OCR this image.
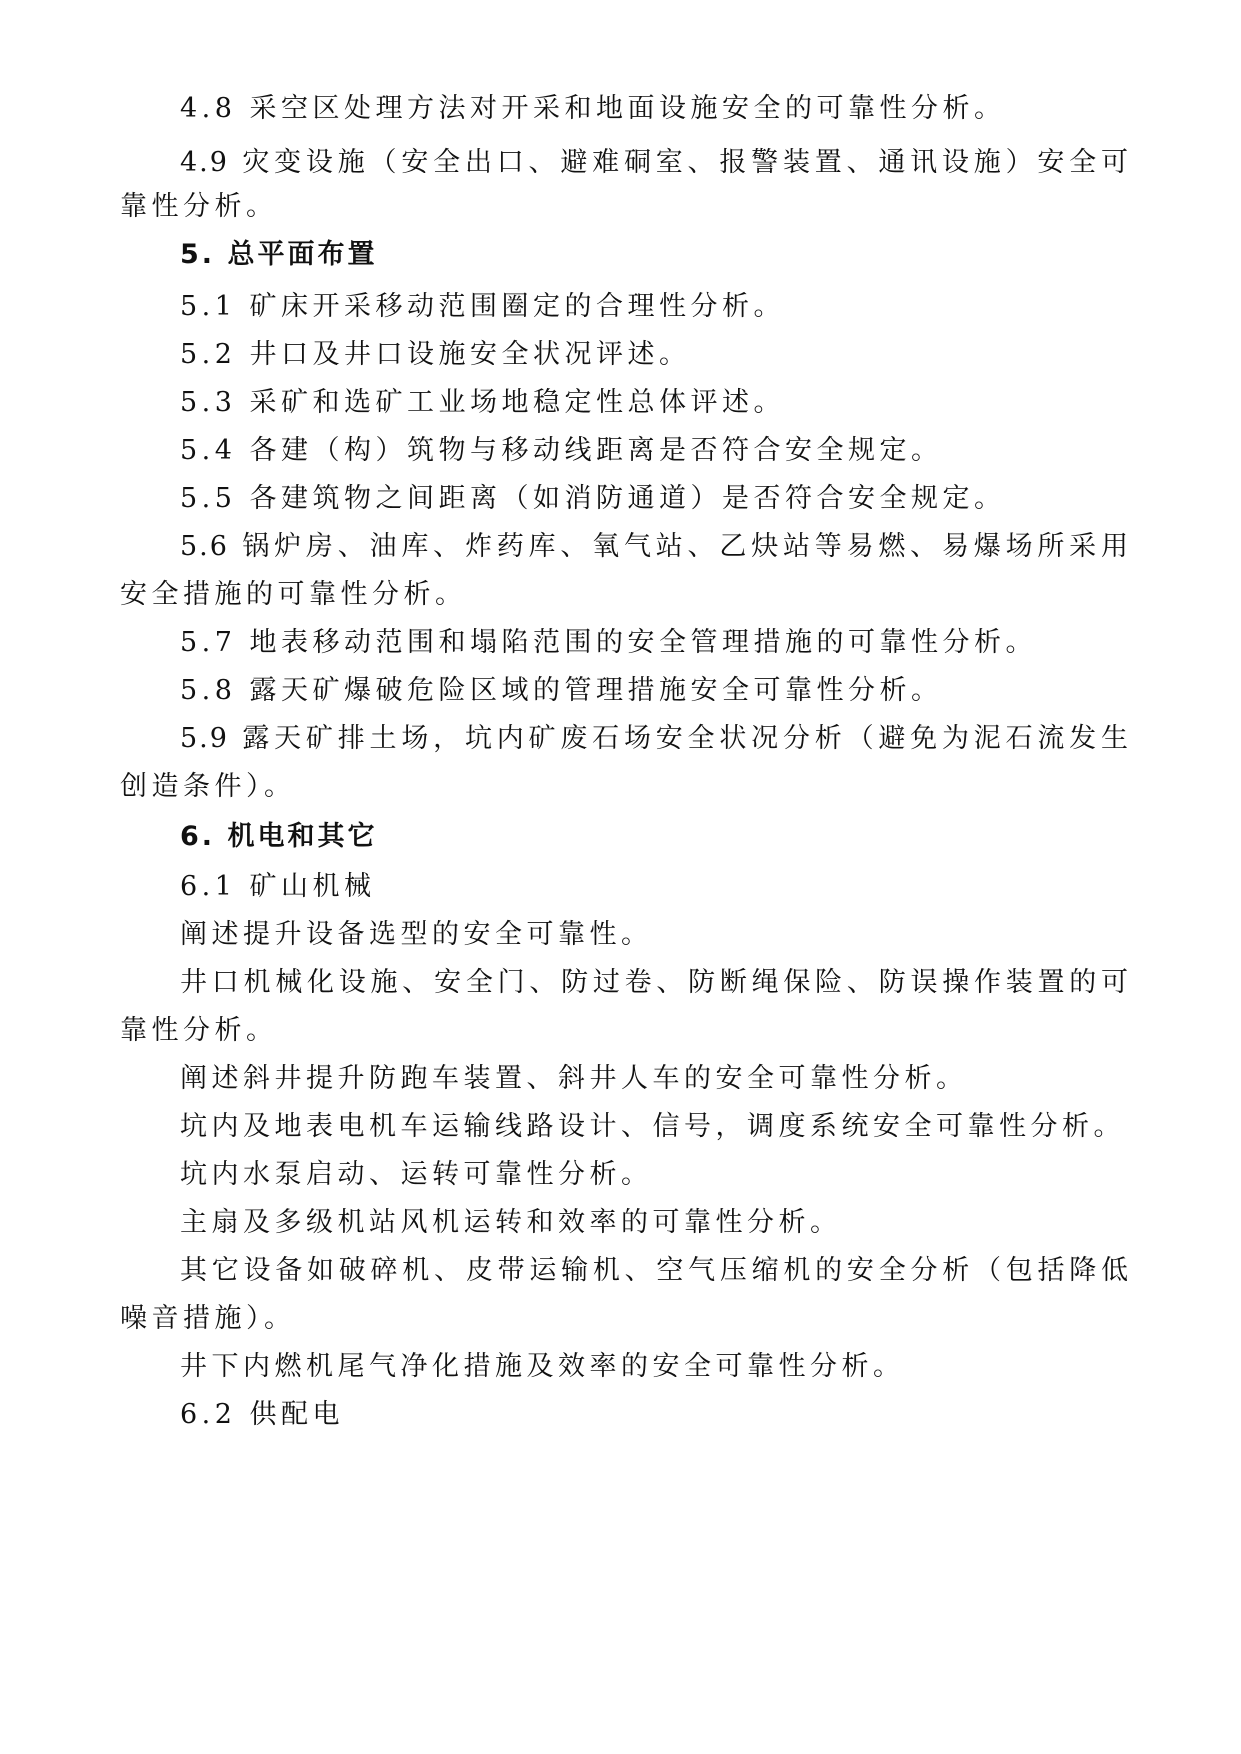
4.8 采空区处理方法对开采和地面设施安全的可靠性分析。
4.9 灾变设施（安全出口、避难硐室、报警装置、通讯设施）安全可
靠性分析。
5. 总平面布置
5.1 矿床开采移动范围圈定的合理性分析。
5.2 井口及井口设施安全状况评述。
5.3 采矿和选矿工业场地稳定性总体评述。
5.4 各建（构）筑物与移动线距离是否符合安全规定。
5.5 各建筑物之间距离（如消防通道）是否符合安全规定。
5.6 锅炉房、油库、炸药库、氧气站、乙炔站等易燃、易爆场所采用
安全措施的可靠性分析。
5.7 地表移动范围和塌陷范围的安全管理措施的可靠性分析。
5.8 露天矿爆破危险区域的管理措施安全可靠性分析。
5.9 露天矿排土场，坑内矿废石场安全状况分析（避免为泥石流发生
创造条件）。
6. 机电和其它
6.1 矿山机械
阐述提升设备选型的安全可靠性。
井口机械化设施、安全门、防过卷、防断绳保险、防误操作装置的可
靠性分析。
阐述斜井提升防跑车装置、斜井人车的安全可靠性分析。
坑内及地表电机车运输线路设计、信号，调度系统安全可靠性分析。
坑内水泵启动、运转可靠性分析。
主扇及多级机站风机运转和效率的可靠性分析。
其它设备如破碎机、皮带运输机、空气压缩机的安全分析（包括降低
噪音措施）。
井下内燃机尾气净化措施及效率的安全可靠性分析。
6.2 供配电
